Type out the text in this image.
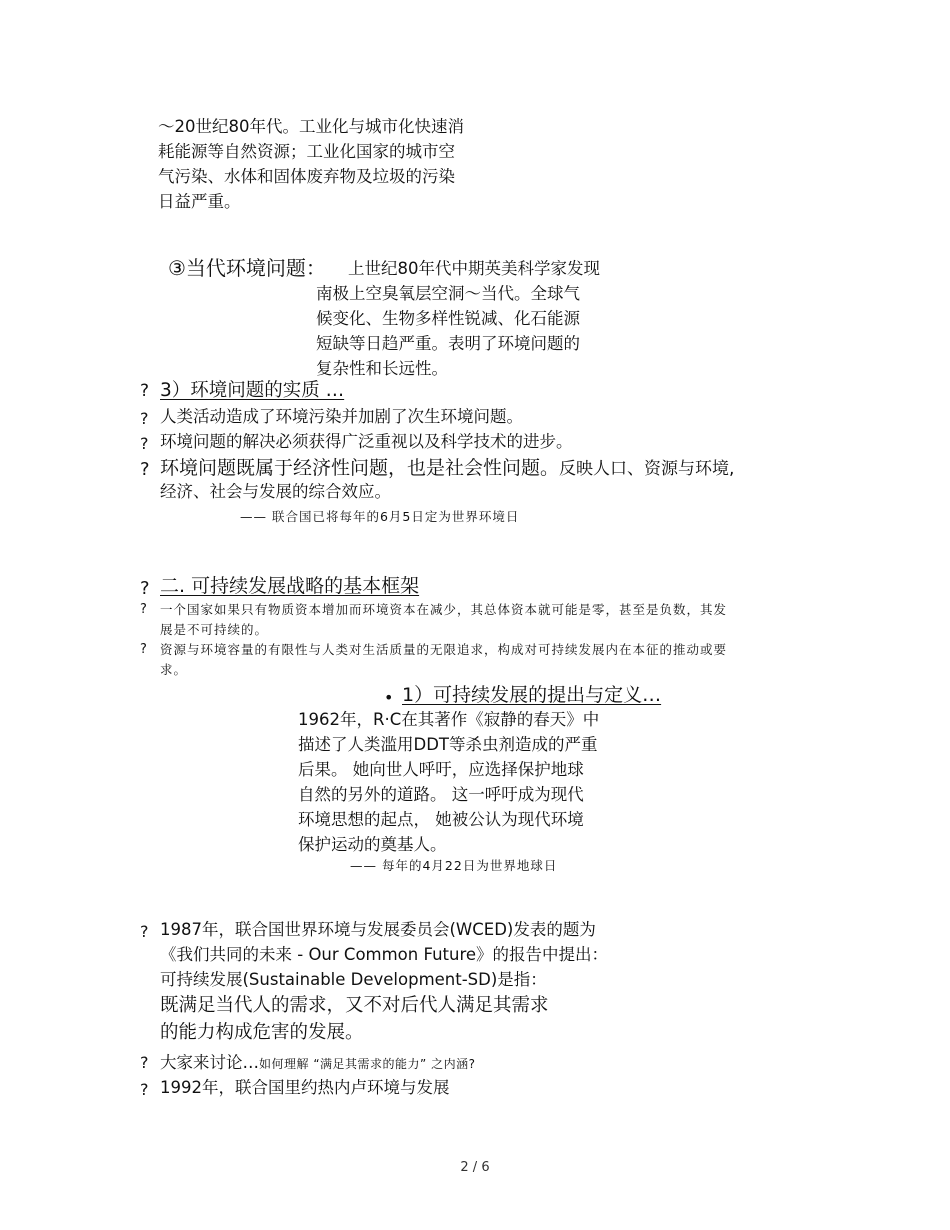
～20世纪80年代。工业化与城市化快速消
耗能源等自然资源；工业化国家的城市空
气污染、水体和固体废弃物及垃圾的污染
日益严重。
③当代环境问题： 上世纪80年代中期英美科学家发现
南极上空臭氧层空洞～当代。全球气
候变化、生物多样性锐减、化石能源
短缺等日趋严重。表明了环境问题的
复杂性和长远性。
? 3）环境问题的实质 …
? 人类活动造成了环境污染并加剧了次生环境问题。
? 环境问题的解决必须获得广泛重视以及科学技术的进步。
? 环境问题既属于经济性问题，也是社会性问题。反映人口、资源与环境,
经济、社会与发展的综合效应。
—— 联合国已将每年的6月5日定为世界环境日
? 二. 可持续发展战略的基本框架
? 一个国家如果只有物质资本增加而环境资本在减少，其总体资本就可能是零，甚至是负数，其发
展是不可持续的。
? 资源与环境容量的有限性与人类对生活质量的无限追求，构成对可持续发展内在本征的推动或要
求。
• 1）可持续发展的提出与定义…
1962年，R·C在其著作《寂静的春天》中
描述了人类滥用DDT等杀虫剂造成的严重
后果。 她向世人呼吁，应选择保护地球
自然的另外的道路。 这一呼吁成为现代
环境思想的起点， 她被公认为现代环境
保护运动的奠基人。
—— 每年的4月22日为世界地球日
? 1987年，联合国世界环境与发展委员会(WCED)发表的题为
《我们共同的未来 - Our Common Future》的报告中提出：
可持续发展(Sustainable Development-SD)是指：
既满足当代人的需求，又不对后代人满足其需求
的能力构成危害的发展。
? 大家来讨论…如何理解 “满足其需求的能力” 之内涵?
? 1992年，联合国里约热内卢环境与发展
2 / 6
